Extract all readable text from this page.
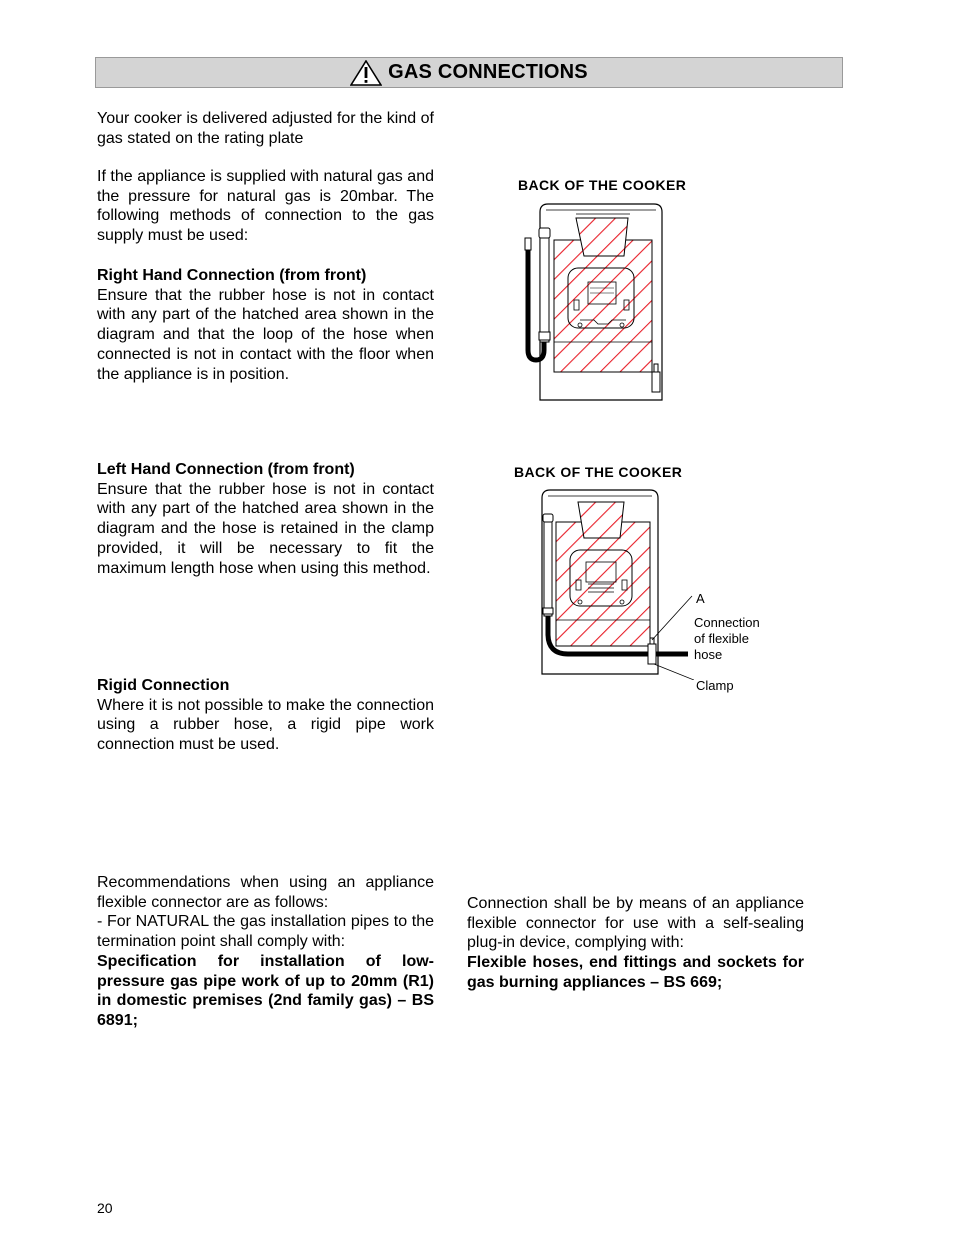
GAS CONNECTIONS

Your cooker is delivered adjusted for the kind of gas stated on the rating plate

If the appliance is supplied with natural gas and the pressure for natural gas is 20mbar. The following methods of connection to the gas supply must be used:

Right Hand Connection (from front)

Ensure that the rubber hose is not in contact with any part of the hatched area shown in the diagram and that the loop of the hose when connected is not in contact with the floor when the appliance is in position.

Left Hand Connection (from front)

Ensure that the rubber hose is not in contact with any part of the hatched area shown in the diagram and the hose is retained in the clamp provided, it will be necessary to fit the maximum length hose when using this method.

Rigid Connection

Where it is not possible to make the connection using a rubber hose, a rigid pipe work connection must be used.

Recommendations when using an appliance flexible connector are as follows:

- For NATURAL the gas installation pipes to the termination point shall comply with:

Specification for installation of low-pressure gas pipe work of up to 20mm (R1) in domestic premises (2nd family gas) – BS 6891;

Connection shall be by means of an appliance flexible connector for use with a self-sealing plug-in device, complying with:

Flexible hoses, end fittings and sockets for gas burning appliances – BS 669;

BACK OF THE COOKER
BACK OF THE COOKER
A
Connection
of flexible
hose
Clamp
20
